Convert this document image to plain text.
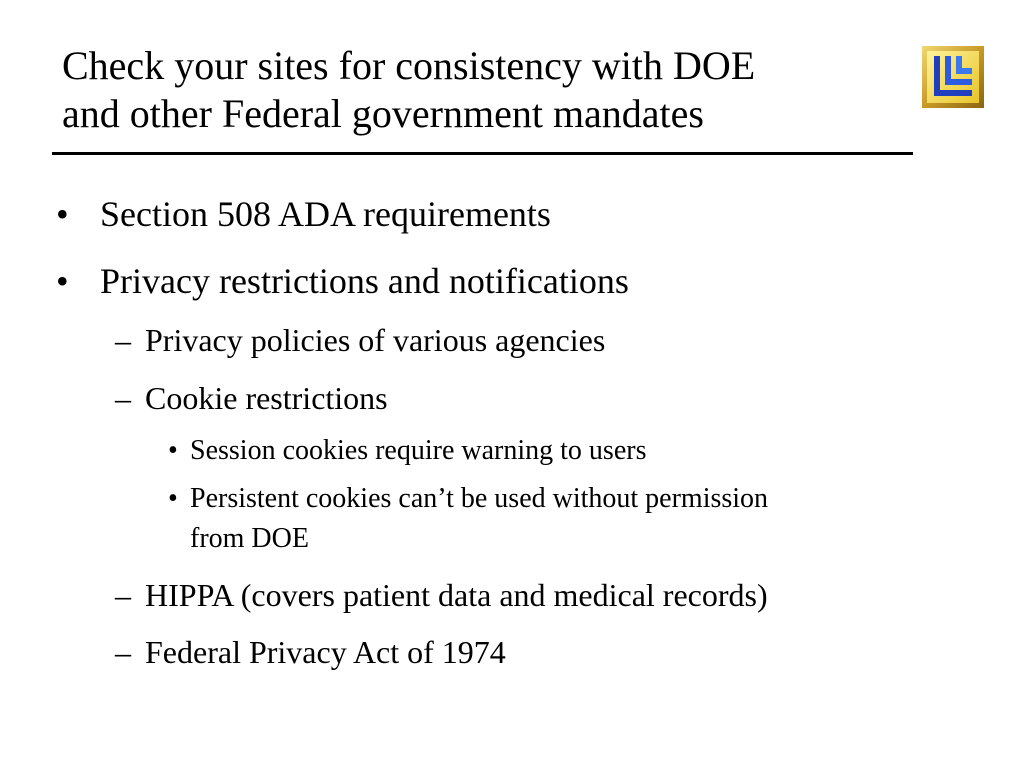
Check your sites for consistency with DOE
and other Federal government mandates
• Section 508 ADA requirements
• Privacy restrictions and notifications
– Privacy policies of various agencies
– Cookie restrictions
• Session cookies require warning to users
• Persistent cookies can’t be used without permission
from DOE
– HIPPA (covers patient data and medical records)
– Federal Privacy Act of 1974
